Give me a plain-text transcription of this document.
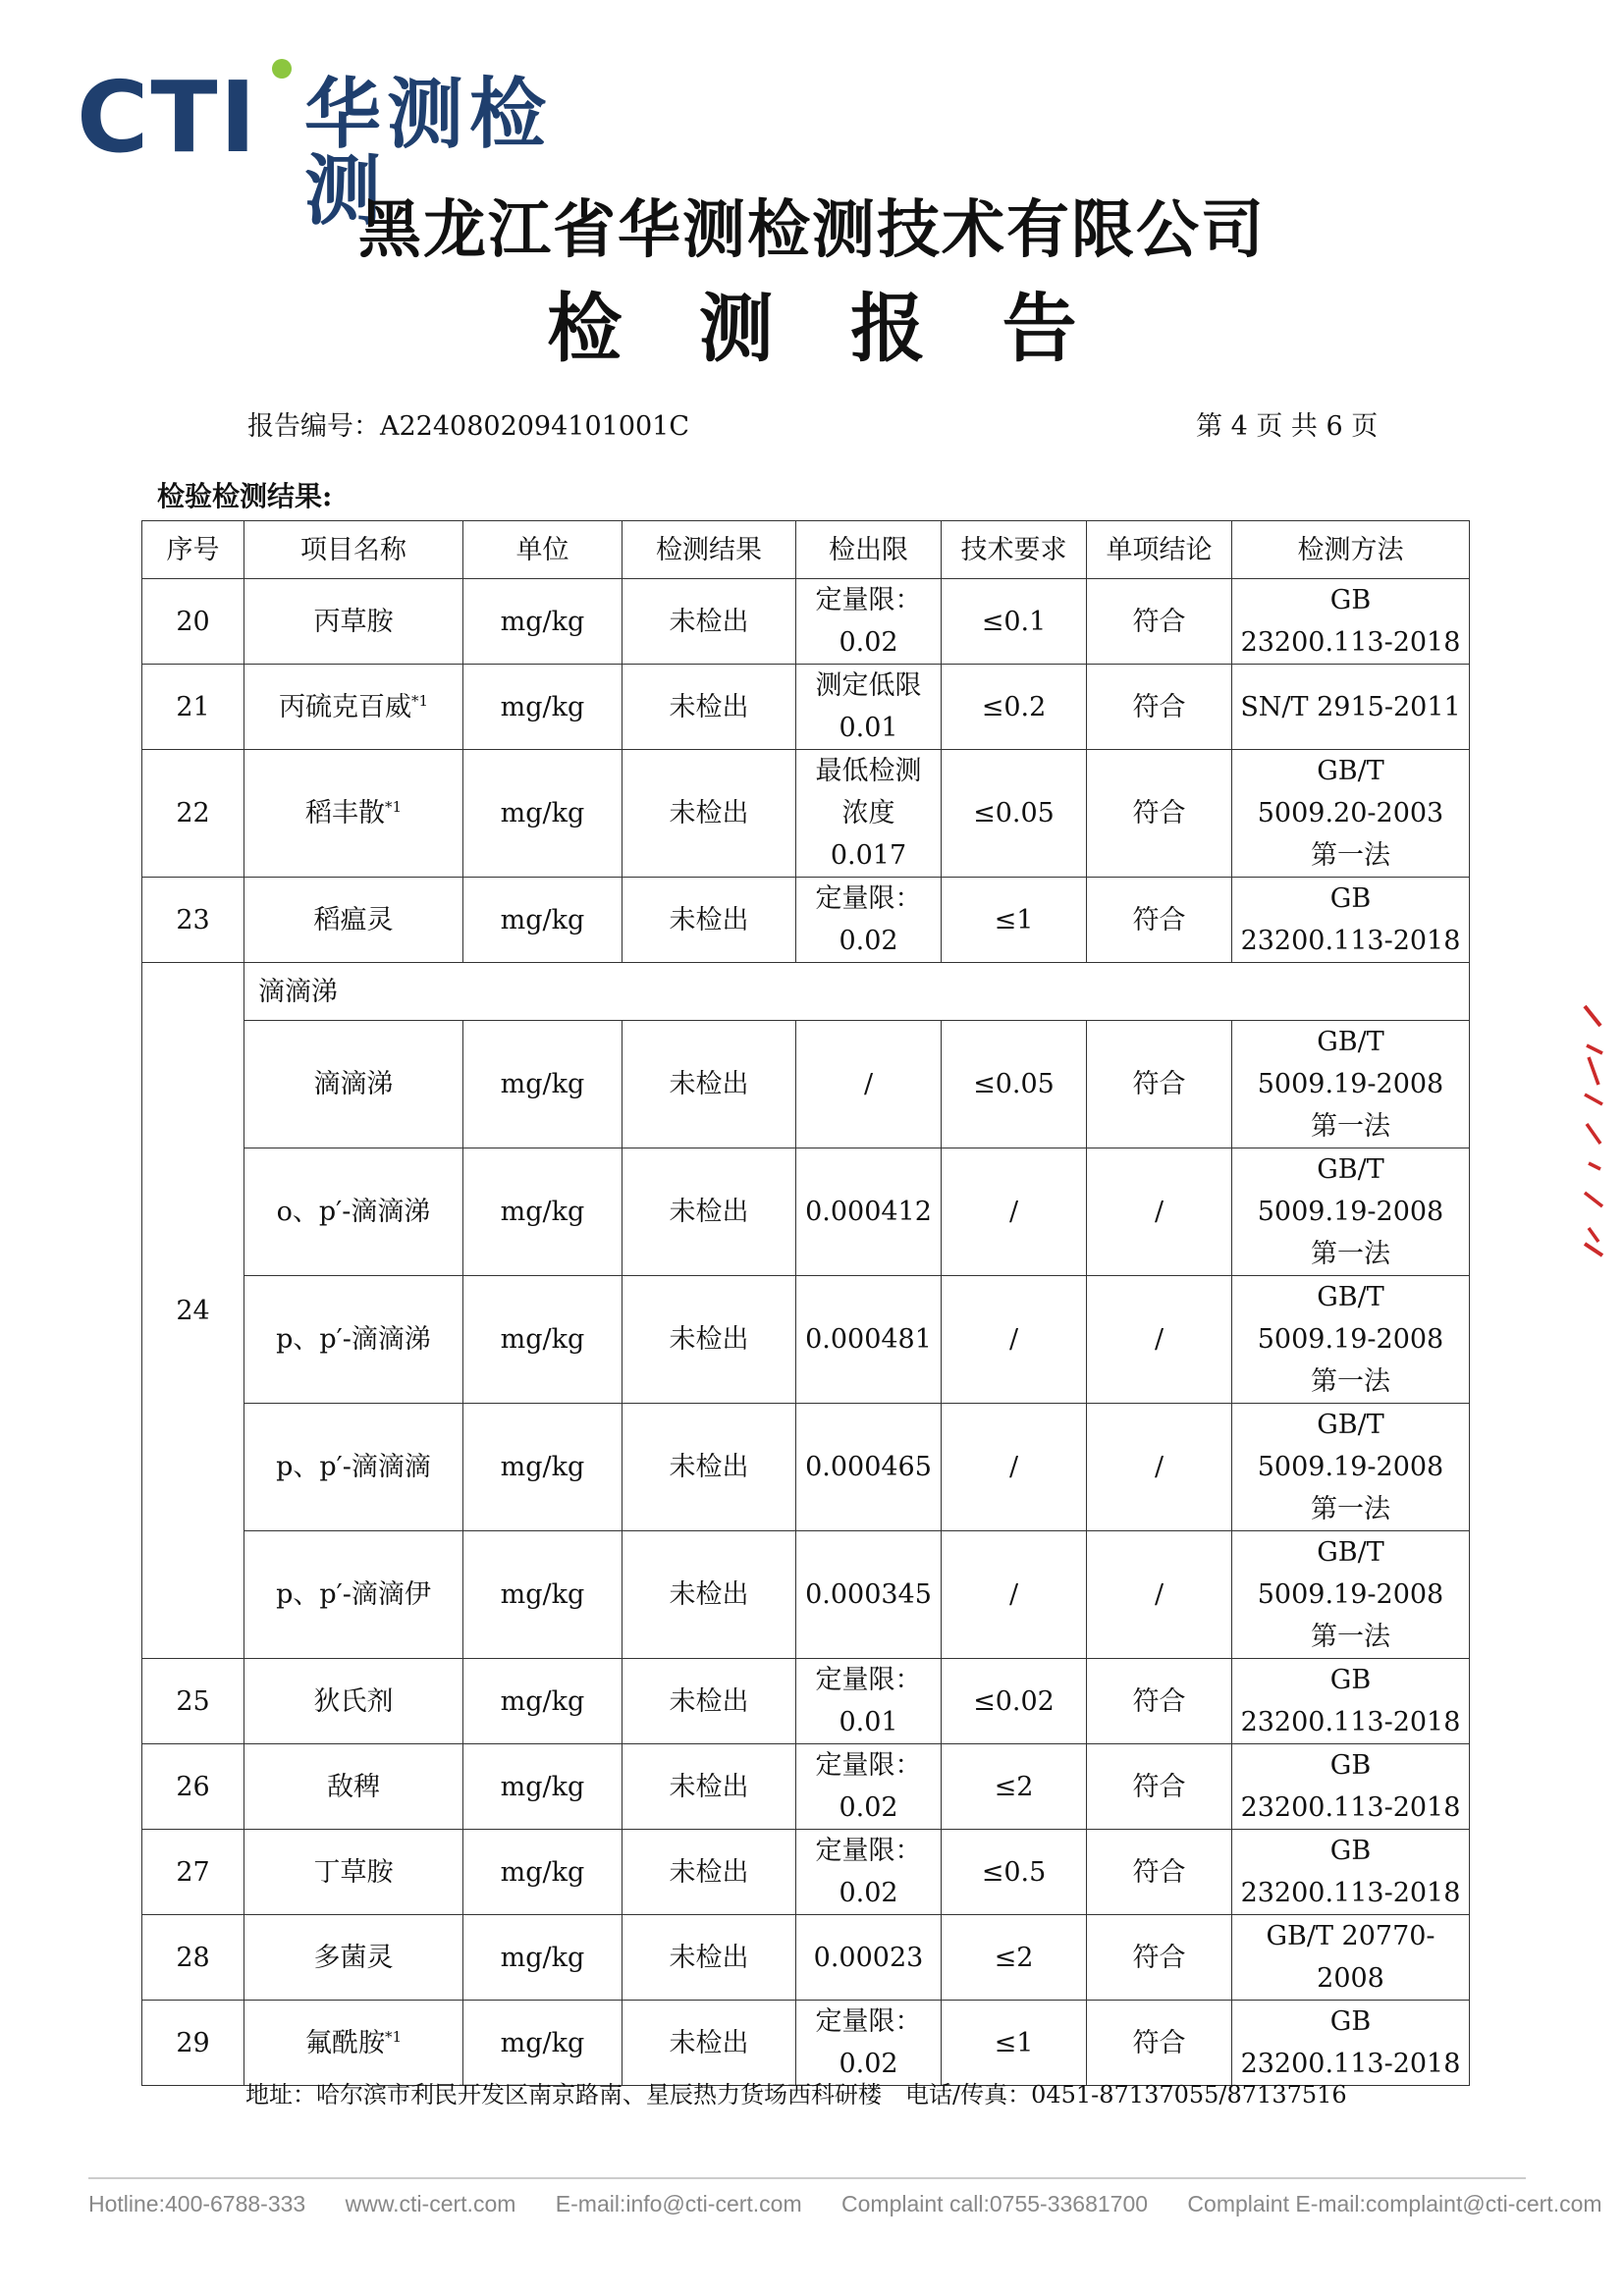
CTI 华测检测
黑龙江省华测检测技术有限公司
检 测 报 告
报告编号：A2240802094101001C	第 4 页 共 6 页
检验检测结果:
序号	项目名称	单位	检测结果	检出限	技术要求	单项结论	检测方法
20	丙草胺	mg/kg	未检出	定量限：
0.02	≤0.1	符合	GB
23200.113-2018

21	丙硫克百威$^{*1}$	mg/kg	未检出	测定低限
0.01	≤0.2	符合	SN/T 2915-2011

22	稻丰散$^{*1}$	mg/kg	未检出	最低检测
浓度
0.017	≤0.05	符合	GB/T
5009.20-2003
第一法

23	稻瘟灵	mg/kg	未检出	定量限：
0.02	≤1	符合	GB
23200.113-2018

24	滴滴涕						
	滴滴涕	mg/kg	未检出	/	≤0.05	符合	GB/T
5009.19-2008
第一法

	o、p′-滴滴涕	mg/kg	未检出	0.000412	/	/	GB/T
5009.19-2008
第一法

	p、p′-滴滴涕	mg/kg	未检出	0.000481	/	/	GB/T
5009.19-2008
第一法

	p、p′-滴滴滴	mg/kg	未检出	0.000465	/	/	GB/T
5009.19-2008
第一法

	p、p′-滴滴伊	mg/kg	未检出	0.000345	/	/	GB/T
5009.19-2008
第一法

25	狄氏剂	mg/kg	未检出	定量限：
0.01	≤0.02	符合	GB
23200.113-2018

26	敌稗	mg/kg	未检出	定量限：
0.02	≤2	符合	GB
23200.113-2018

27	丁草胺	mg/kg	未检出	定量限：
0.02	≤0.5	符合	GB
23200.113-2018

28	多菌灵	mg/kg	未检出	0.00023	≤2	符合	GB/T 20770-2008

29	氟酰胺$^{*1}$	mg/kg	未检出	定量限：
0.02	≤1	符合	GB
23200.113-2018
地址：哈尔滨市利民开发区南京路南、星辰热力货场西科研楼　电话/传真：0451-87137055/87137516
Hotline:400-6788-333 www.cti-cert.com E-mail:info@cti-cert.com Complaint call:0755-33681700 Complaint E-mail:complaint@cti-cert.com
